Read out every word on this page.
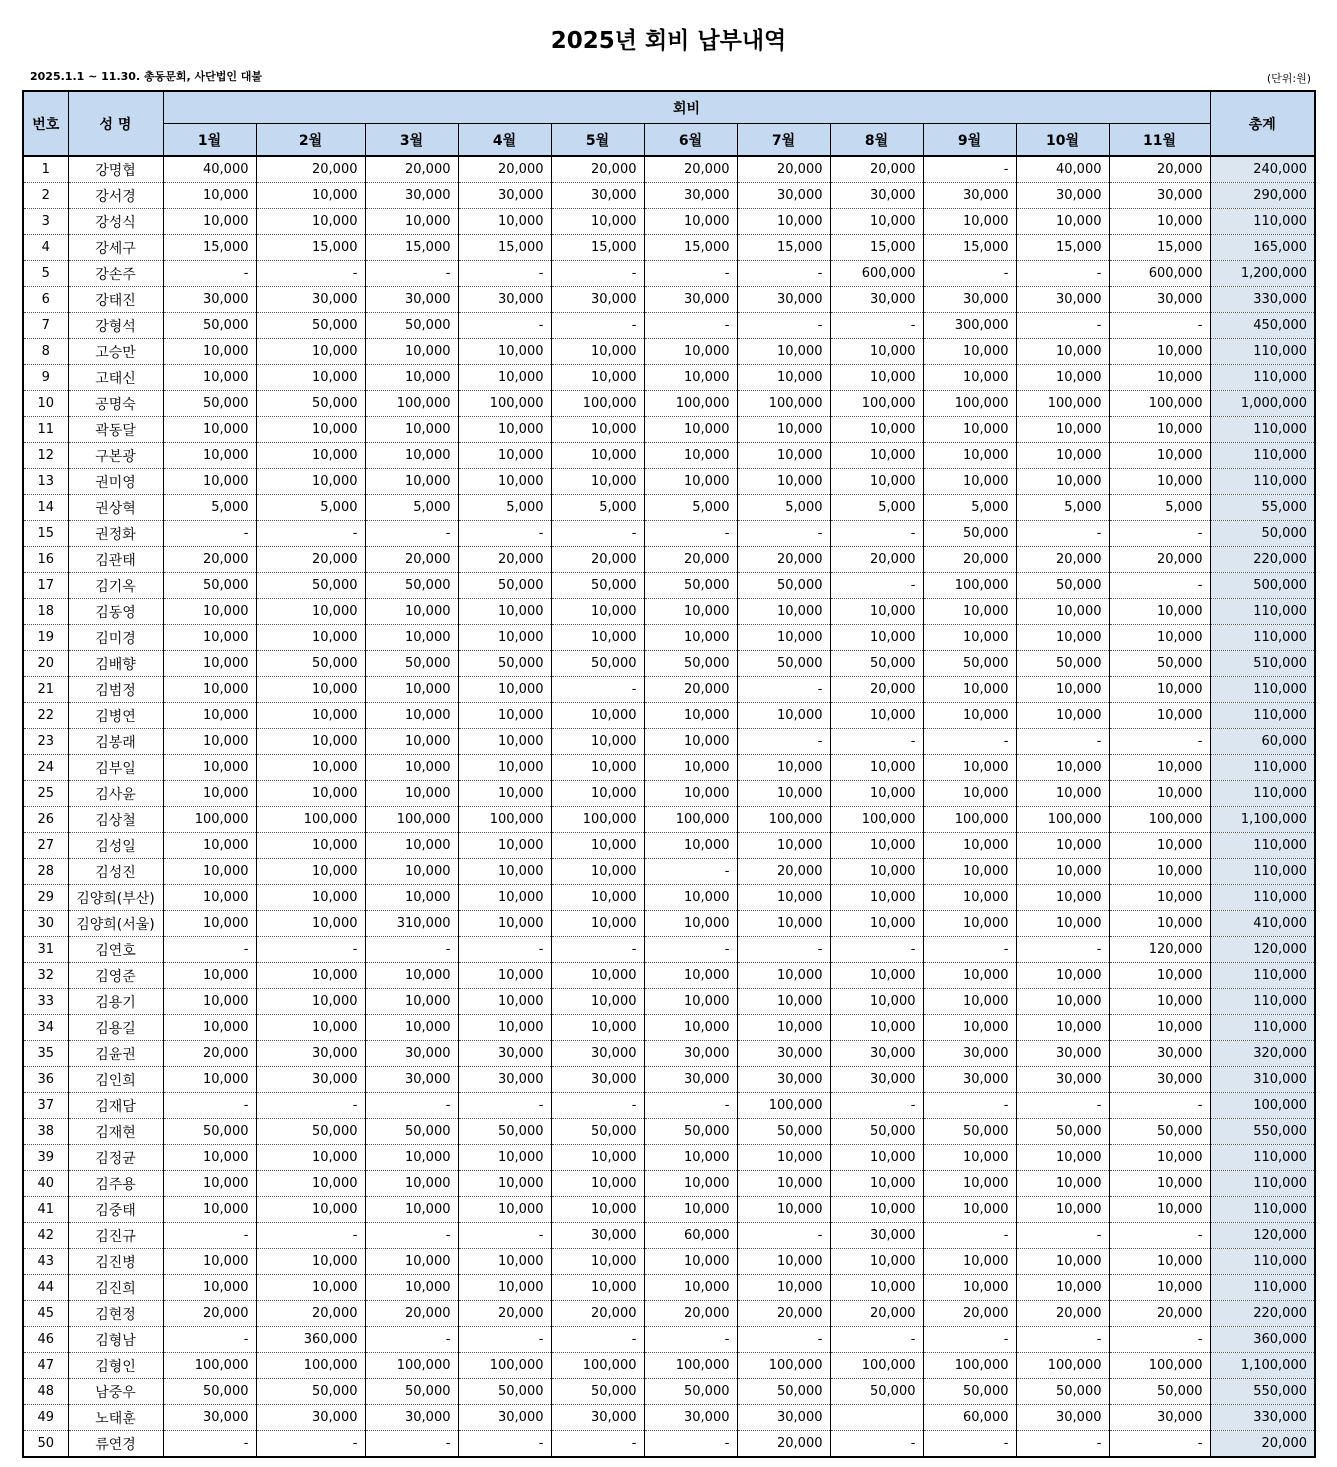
2025년 회비 납부내역
2025.1.1 ~ 11.30. 총동문회, 사단법인 대불	(단위:원)
번호	성 명	회비											총계
		1월	2월	3월	4월	5월	6월	7월	8월	9월	10월	11월	
1	강명협	40,000	20,000	20,000	20,000	20,000	20,000	20,000	20,000	-	40,000	20,000	240,000
2	강서경	10,000	10,000	30,000	30,000	30,000	30,000	30,000	30,000	30,000	30,000	30,000	290,000
3	강성식	10,000	10,000	10,000	10,000	10,000	10,000	10,000	10,000	10,000	10,000	10,000	110,000
4	강세구	15,000	15,000	15,000	15,000	15,000	15,000	15,000	15,000	15,000	15,000	15,000	165,000
5	강손주	-	-	-	-	-	-	-	600,000	-	-	600,000	1,200,000
6	강태진	30,000	30,000	30,000	30,000	30,000	30,000	30,000	30,000	30,000	30,000	30,000	330,000
7	강형석	50,000	50,000	50,000	-	-	-	-	-	300,000	-	-	450,000
8	고승만	10,000	10,000	10,000	10,000	10,000	10,000	10,000	10,000	10,000	10,000	10,000	110,000
9	고태신	10,000	10,000	10,000	10,000	10,000	10,000	10,000	10,000	10,000	10,000	10,000	110,000
10	공명숙	50,000	50,000	100,000	100,000	100,000	100,000	100,000	100,000	100,000	100,000	100,000	1,000,000
11	곽동달	10,000	10,000	10,000	10,000	10,000	10,000	10,000	10,000	10,000	10,000	10,000	110,000
12	구본광	10,000	10,000	10,000	10,000	10,000	10,000	10,000	10,000	10,000	10,000	10,000	110,000
13	권미영	10,000	10,000	10,000	10,000	10,000	10,000	10,000	10,000	10,000	10,000	10,000	110,000
14	권상혁	5,000	5,000	5,000	5,000	5,000	5,000	5,000	5,000	5,000	5,000	5,000	55,000
15	권정화	-	-	-	-	-	-	-	-	50,000	-	-	50,000
16	김관태	20,000	20,000	20,000	20,000	20,000	20,000	20,000	20,000	20,000	20,000	20,000	220,000
17	김기옥	50,000	50,000	50,000	50,000	50,000	50,000	50,000	-	100,000	50,000	-	500,000
18	김동영	10,000	10,000	10,000	10,000	10,000	10,000	10,000	10,000	10,000	10,000	10,000	110,000
19	김미경	10,000	10,000	10,000	10,000	10,000	10,000	10,000	10,000	10,000	10,000	10,000	110,000
20	김배향	10,000	50,000	50,000	50,000	50,000	50,000	50,000	50,000	50,000	50,000	50,000	510,000
21	김범정	10,000	10,000	10,000	10,000	-	20,000	-	20,000	10,000	10,000	10,000	110,000
22	김병연	10,000	10,000	10,000	10,000	10,000	10,000	10,000	10,000	10,000	10,000	10,000	110,000
23	김봉래	10,000	10,000	10,000	10,000	10,000	10,000	-	-	-	-	-	60,000
24	김부일	10,000	10,000	10,000	10,000	10,000	10,000	10,000	10,000	10,000	10,000	10,000	110,000
25	김사윤	10,000	10,000	10,000	10,000	10,000	10,000	10,000	10,000	10,000	10,000	10,000	110,000
26	김상철	100,000	100,000	100,000	100,000	100,000	100,000	100,000	100,000	100,000	100,000	100,000	1,100,000
27	김성일	10,000	10,000	10,000	10,000	10,000	10,000	10,000	10,000	10,000	10,000	10,000	110,000
28	김성진	10,000	10,000	10,000	10,000	10,000	-	20,000	10,000	10,000	10,000	10,000	110,000
29	김양희(부산)	10,000	10,000	10,000	10,000	10,000	10,000	10,000	10,000	10,000	10,000	10,000	110,000
30	김양희(서울)	10,000	10,000	310,000	10,000	10,000	10,000	10,000	10,000	10,000	10,000	10,000	410,000
31	김연호	-	-	-	-	-	-	-	-	-	-	120,000	120,000
32	김영준	10,000	10,000	10,000	10,000	10,000	10,000	10,000	10,000	10,000	10,000	10,000	110,000
33	김용기	10,000	10,000	10,000	10,000	10,000	10,000	10,000	10,000	10,000	10,000	10,000	110,000
34	김용길	10,000	10,000	10,000	10,000	10,000	10,000	10,000	10,000	10,000	10,000	10,000	110,000
35	김윤권	20,000	30,000	30,000	30,000	30,000	30,000	30,000	30,000	30,000	30,000	30,000	320,000
36	김인희	10,000	30,000	30,000	30,000	30,000	30,000	30,000	30,000	30,000	30,000	30,000	310,000
37	김재담	-	-	-	-	-	-	100,000	-	-	-	-	100,000
38	김재현	50,000	50,000	50,000	50,000	50,000	50,000	50,000	50,000	50,000	50,000	50,000	550,000
39	김정균	10,000	10,000	10,000	10,000	10,000	10,000	10,000	10,000	10,000	10,000	10,000	110,000
40	김주용	10,000	10,000	10,000	10,000	10,000	10,000	10,000	10,000	10,000	10,000	10,000	110,000
41	김중태	10,000	10,000	10,000	10,000	10,000	10,000	10,000	10,000	10,000	10,000	10,000	110,000
42	김진규	-	-	-	-	30,000	60,000	-	30,000	-	-	-	120,000
43	김진병	10,000	10,000	10,000	10,000	10,000	10,000	10,000	10,000	10,000	10,000	10,000	110,000
44	김진희	10,000	10,000	10,000	10,000	10,000	10,000	10,000	10,000	10,000	10,000	10,000	110,000
45	김현정	20,000	20,000	20,000	20,000	20,000	20,000	20,000	20,000	20,000	20,000	20,000	220,000
46	김형남	-	360,000	-	-	-	-	-	-	-	-	-	360,000
47	김형인	100,000	100,000	100,000	100,000	100,000	100,000	100,000	100,000	100,000	100,000	100,000	1,100,000
48	남중우	50,000	50,000	50,000	50,000	50,000	50,000	50,000	50,000	50,000	50,000	50,000	550,000
49	노태훈	30,000	30,000	30,000	30,000	30,000	30,000	30,000		60,000	30,000	30,000	330,000
50	류연경	-	-	-	-	-	-	20,000	-	-	-	-	20,000
